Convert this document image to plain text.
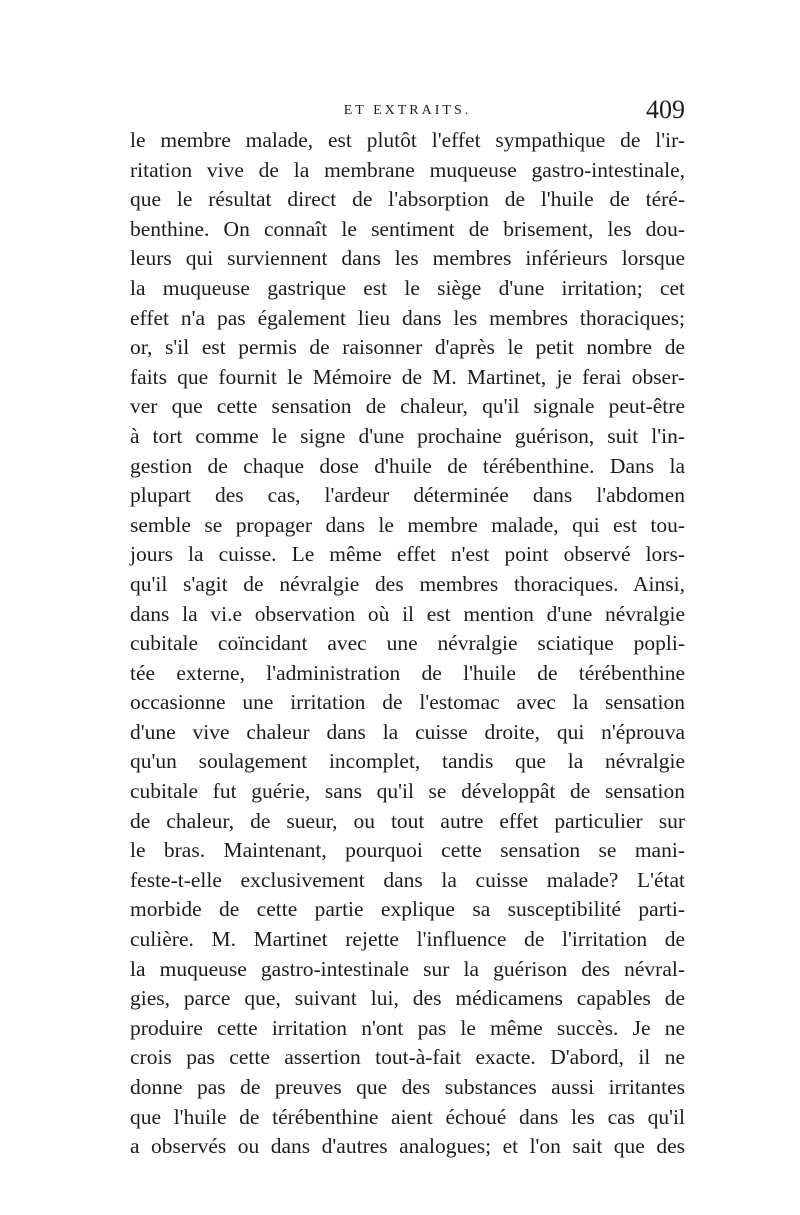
ET EXTRAITS.	409
le membre malade, est plutôt l'effet sympathique de l'ir-
ritation vive de la membrane muqueuse gastro-intestinale,
que le résultat direct de l'absorption de l'huile de téré-
benthine. On connaît le sentiment de brisement, les dou-
leurs qui surviennent dans les membres inférieurs lorsque
la muqueuse gastrique est le siège d'une irritation; cet
effet n'a pas également lieu dans les membres thoraciques;
or, s'il est permis de raisonner d'après le petit nombre de
faits que fournit le Mémoire de M. Martinet, je ferai obser-
ver que cette sensation de chaleur, qu'il signale peut-être
à tort comme le signe d'une prochaine guérison, suit l'in-
gestion de chaque dose d'huile de térébenthine. Dans la
plupart des cas, l'ardeur déterminée dans l'abdomen
semble se propager dans le membre malade, qui est tou-
jours la cuisse. Le même effet n'est point observé lors-
qu'il s'agit de névralgie des membres thoraciques. Ainsi,
dans la vi.e observation où il est mention d'une névralgie
cubitale coïncidant avec une névralgie sciatique popli-
tée externe, l'administration de l'huile de térébenthine
occasionne une irritation de l'estomac avec la sensation
d'une vive chaleur dans la cuisse droite, qui n'éprouva
qu'un soulagement incomplet, tandis que la névralgie
cubitale fut guérie, sans qu'il se développât de sensation
de chaleur, de sueur, ou tout autre effet particulier sur
le bras. Maintenant, pourquoi cette sensation se mani-
feste-t-elle exclusivement dans la cuisse malade? L'état
morbide de cette partie explique sa susceptibilité parti-
culière. M. Martinet rejette l'influence de l'irritation de
la muqueuse gastro-intestinale sur la guérison des névral-
gies, parce que, suivant lui, des médicamens capables de
produire cette irritation n'ont pas le même succès. Je ne
crois pas cette assertion tout-à-fait exacte. D'abord, il ne
donne pas de preuves que des substances aussi irritantes
que l'huile de térébenthine aient échoué dans les cas qu'il
a observés ou dans d'autres analogues; et l'on sait que des
